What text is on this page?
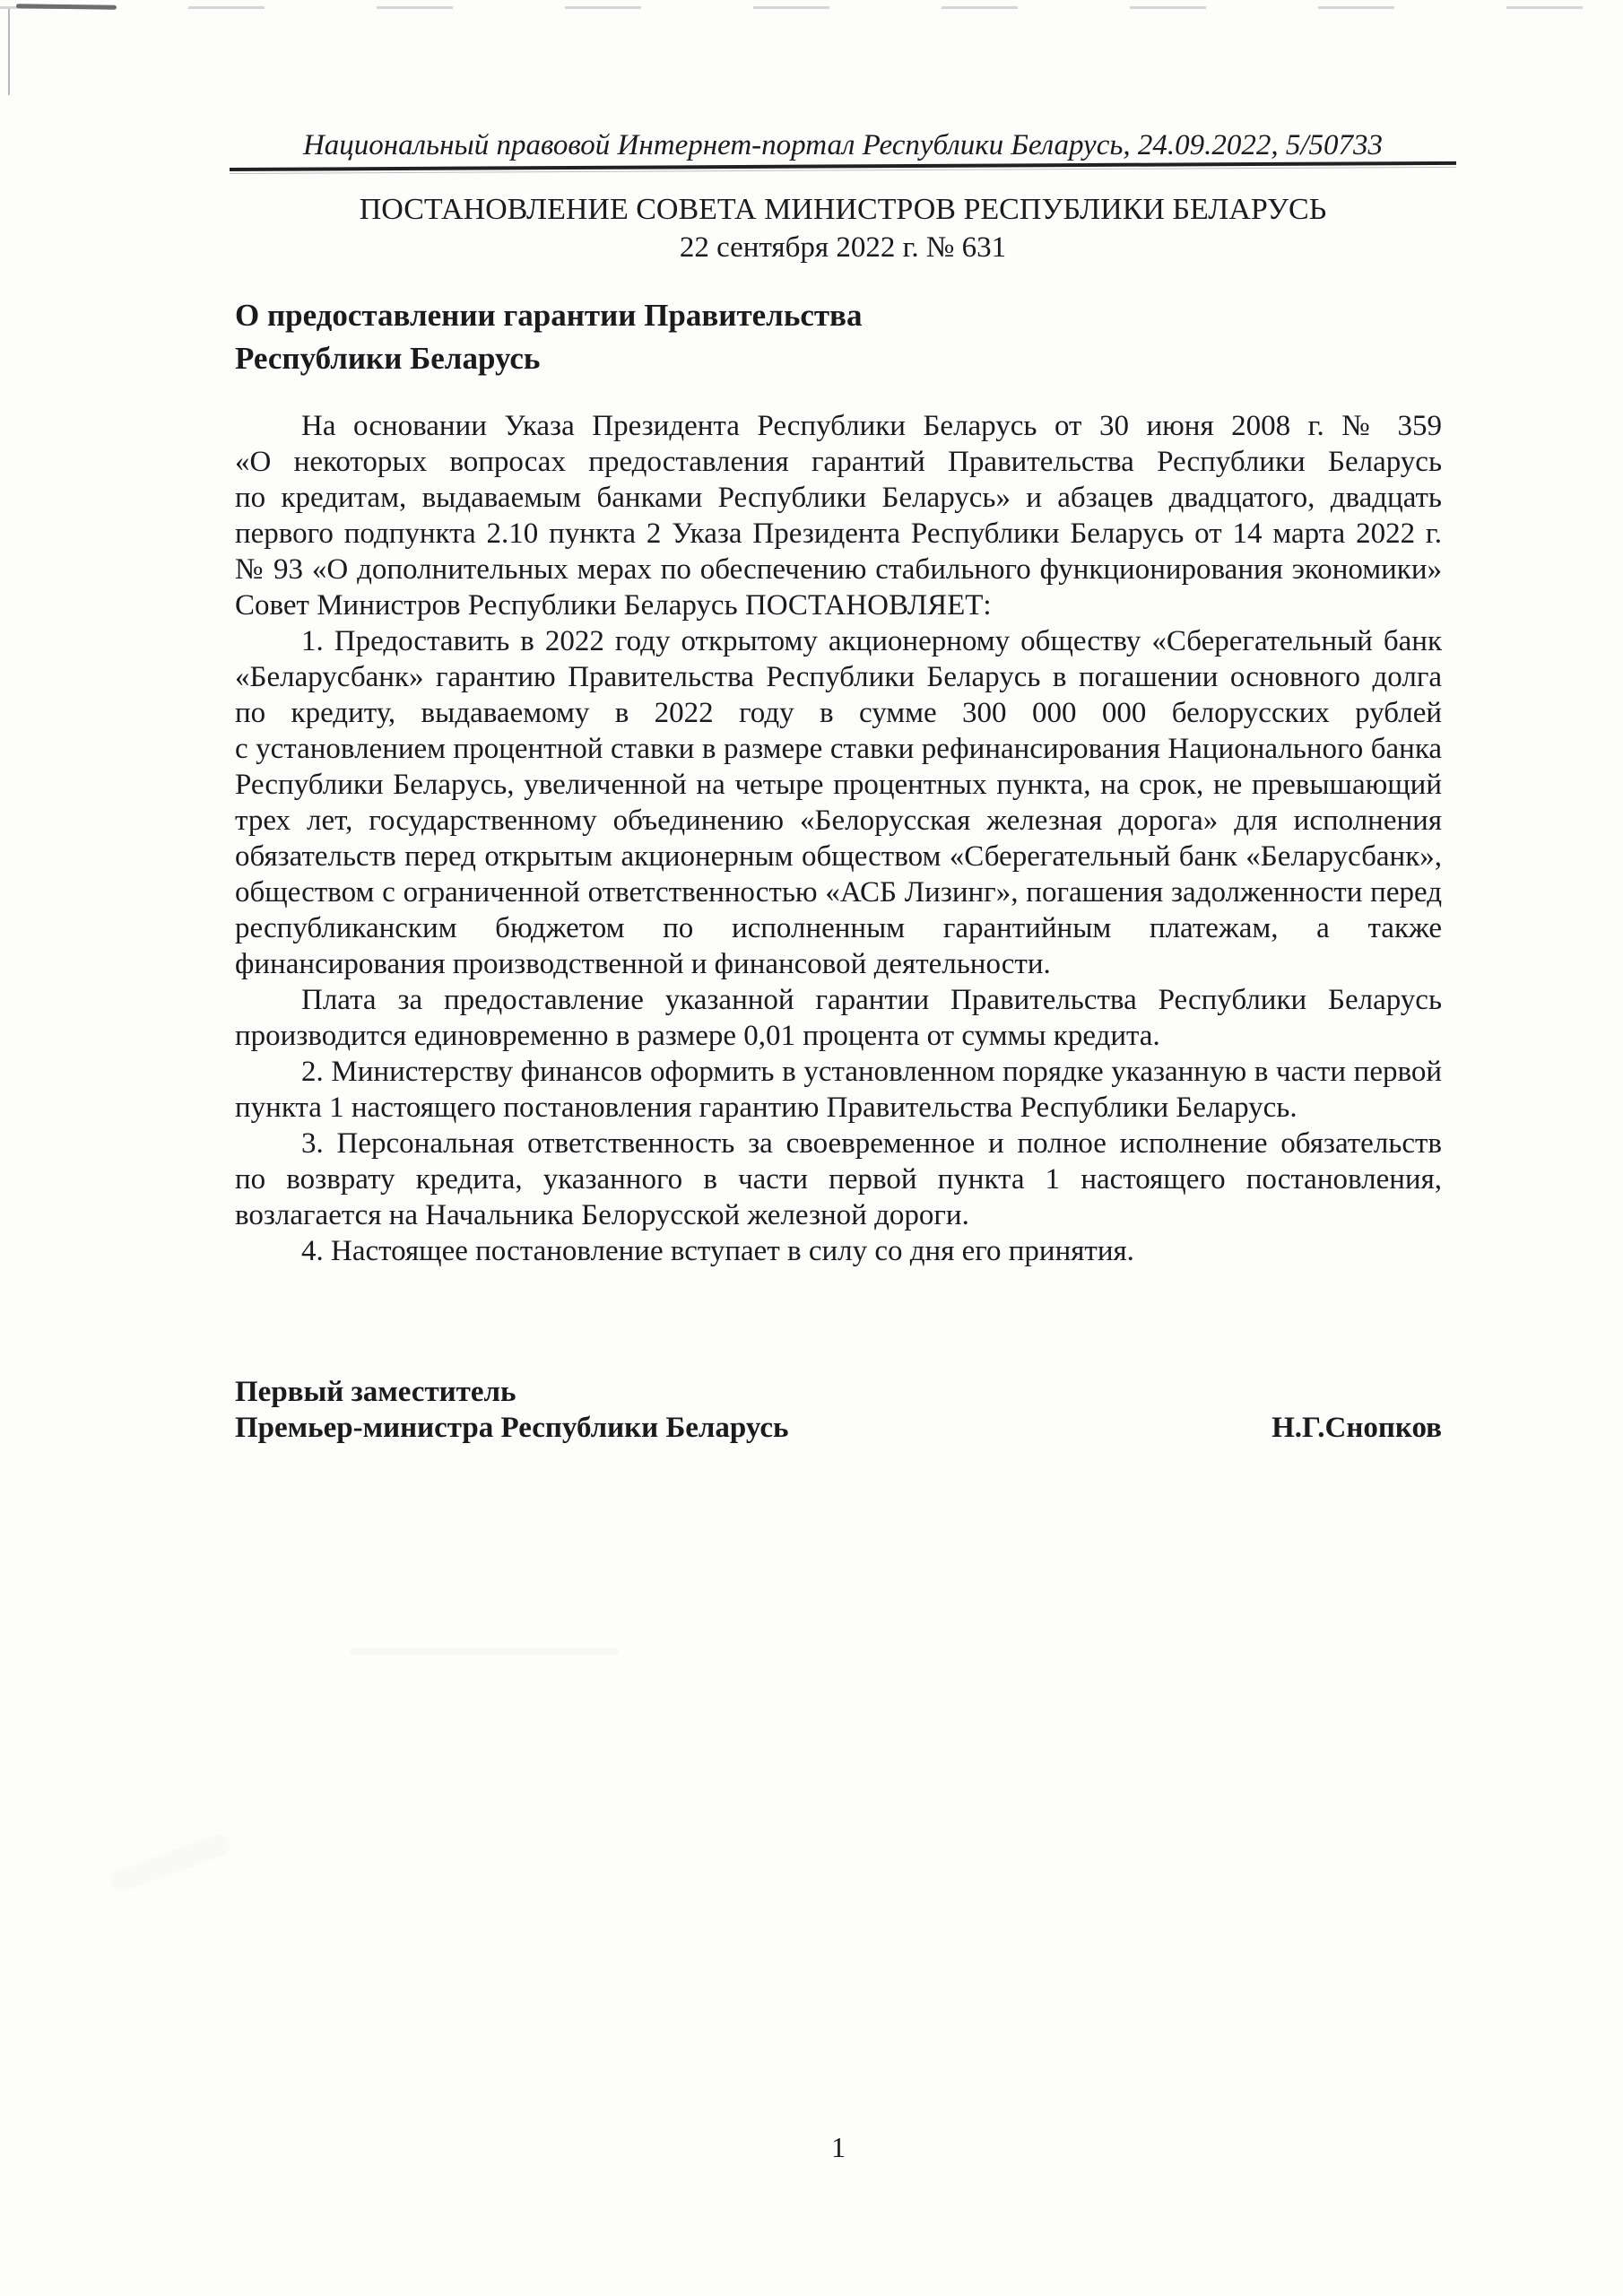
Национальный правовой Интернет-портал Республики Беларусь, 24.09.2022, 5/50733
ПОСТАНОВЛЕНИЕ СОВЕТА МИНИСТРОВ РЕСПУБЛИКИ БЕЛАРУСЬ
22 сентября 2022 г. № 631
О предоставлении гарантии Правительства
Республики Беларусь

На основании Указа Президента Республики Беларусь от 30 июня 2008 г. № 359 «О некоторых вопросах предоставления гарантий Правительства Республики Беларусь по кредитам, выдаваемым банками Республики Беларусь» и абзацев двадцатого, двадцать первого подпункта 2.10 пункта 2 Указа Президента Республики Беларусь от 14 марта 2022 г. № 93 «О дополнительных мерах по обеспечению стабильного функционирования экономики» Совет Министров Республики Беларусь ПОСТАНОВЛЯЕТ:

1. Предоставить в 2022 году открытому акционерному обществу «Сберегательный банк «Беларусбанк» гарантию Правительства Республики Беларусь в погашении основного долга по кредиту, выдаваемому в 2022 году в сумме 300 000 000 белорусских рублей с установлением процентной ставки в размере ставки рефинансирования Национального банка Республики Беларусь, увеличенной на четыре процентных пункта, на срок, не превышающий трех лет, государственному объединению «Белорусская железная дорога» для исполнения обязательств перед открытым акционерным обществом «Сберегательный банк «Беларусбанк», обществом с ограниченной ответственностью «АСБ Лизинг», погашения задолженности перед республиканским бюджетом по исполненным гарантийным платежам, а также финансирования производственной и финансовой деятельности.

Плата за предоставление указанной гарантии Правительства Республики Беларусь производится единовременно в размере 0,01 процента от суммы кредита.

2. Министерству финансов оформить в установленном порядке указанную в части первой пункта 1 настоящего постановления гарантию Правительства Республики Беларусь.

3. Персональная ответственность за своевременное и полное исполнение обязательств по возврату кредита, указанного в части первой пункта 1 настоящего постановления, возлагается на Начальника Белорусской железной дороги.

4. Настоящее постановление вступает в силу со дня его принятия.

Первый заместитель
Премьер-министра Республики Беларусь	Н.Г.Снопков
1
